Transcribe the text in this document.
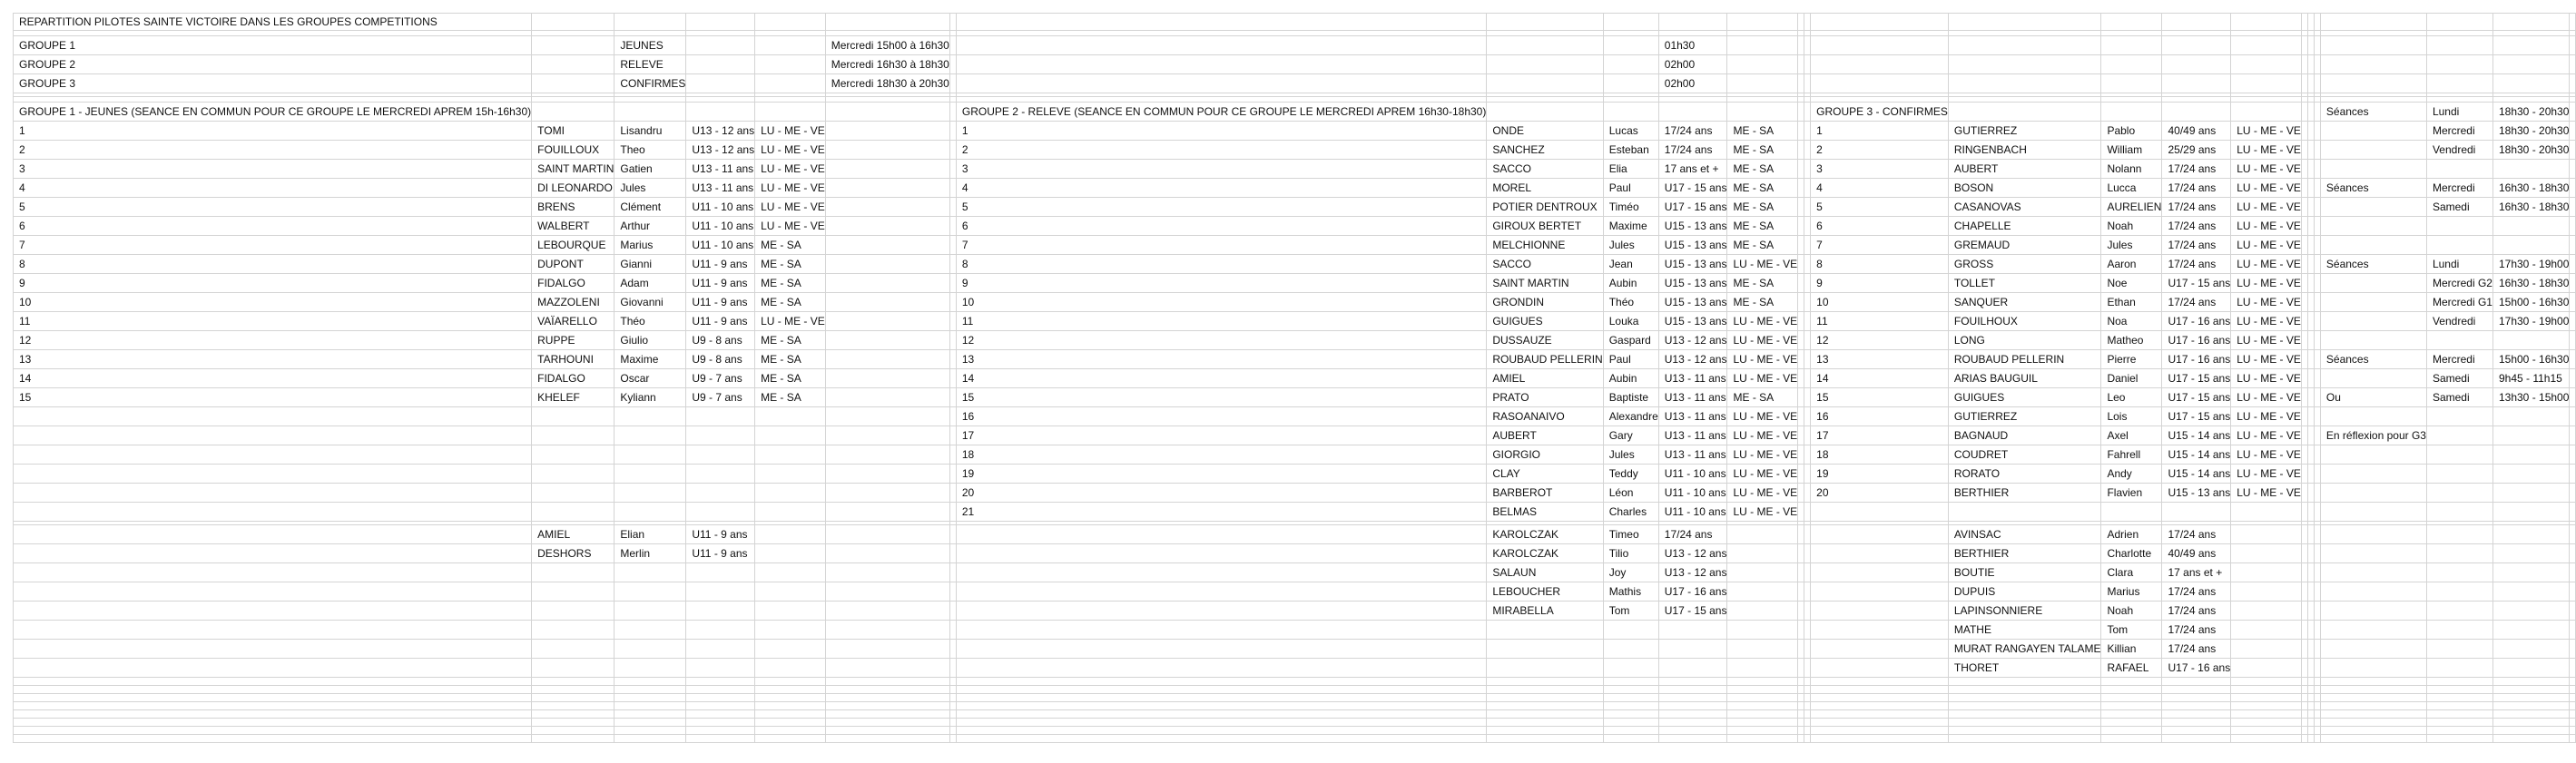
REPARTITION PILOTES SAINTE VICTOIRE DANS LES GROUPES COMPETITIONS																									

GROUPE 1		JEUNES			Mercredi 15h00 à 16h30					01h30															
GROUPE 2		RELEVE			Mercredi 16h30 à 18h30					02h00															
GROUPE 3		CONFIRMES			Mercredi 18h30 à 20h30					02h00															

GROUPE 1 - JEUNES (SEANCE EN COMMUN POUR CE GROUPE LE MERCREDI APREM 15h-16h30)							GROUPE 2 - RELEVE (SEANCE EN COMMUN POUR CE GROUPE LE MERCREDI APREM 16h30-18h30)							GROUPE 3 - CONFIRMES								Séances	Lundi	18h30 - 20h30	
1	TOMI	Lisandru	U13 - 12 ans	LU - ME - VE			1	ONDE	Lucas	17/24 ans	ME - SA			1	GUTIERREZ	Pablo	40/49 ans	LU - ME - VE					Mercredi	18h30 - 20h30	
2	FOUILLOUX	Theo	U13 - 12 ans	LU - ME - VE			2	SANCHEZ	Esteban	17/24 ans	ME - SA			2	RINGENBACH	William	25/29 ans	LU - ME - VE					Vendredi	18h30 - 20h30	
3	SAINT MARTIN	Gatien	U13 - 11 ans	LU - ME - VE			3	SACCO	Elia	17 ans et +	ME - SA			3	AUBERT	Nolann	17/24 ans	LU - ME - VE							
4	DI LEONARDO	Jules	U13 - 11 ans	LU - ME - VE			4	MOREL	Paul	U17 - 15 ans	ME - SA			4	BOSON	Lucca	17/24 ans	LU - ME - VE				Séances	Mercredi	16h30 - 18h30	
5	BRENS	Clément	U11 - 10 ans	LU - ME - VE			5	POTIER DENTROUX	Timéo	U17 - 15 ans	ME - SA			5	CASANOVAS	AURELIEN	17/24 ans	LU - ME - VE					Samedi	16h30 - 18h30	
6	WALBERT	Arthur	U11 - 10 ans	LU - ME - VE			6	GIROUX BERTET	Maxime	U15 - 13 ans	ME - SA			6	CHAPELLE	Noah	17/24 ans	LU - ME - VE							
7	LEBOURQUE	Marius	U11 - 10 ans	ME - SA			7	MELCHIONNE	Jules	U15 - 13 ans	ME - SA			7	GREMAUD	Jules	17/24 ans	LU - ME - VE							
8	DUPONT	Gianni	U11 - 9 ans	ME - SA			8	SACCO	Jean	U15 - 13 ans	LU - ME - VE			8	GROSS	Aaron	17/24 ans	LU - ME - VE				Séances	Lundi	17h30 - 19h00	
9	FIDALGO	Adam	U11 - 9 ans	ME - SA			9	SAINT MARTIN	Aubin	U15 - 13 ans	ME - SA			9	TOLLET	Noe	U17 - 15 ans	LU - ME - VE					Mercredi G2	16h30 - 18h30	
10	MAZZOLENI	Giovanni	U11 - 9 ans	ME - SA			10	GRONDIN	Théo	U15 - 13 ans	ME - SA			10	SANQUER	Ethan	17/24 ans	LU - ME - VE					Mercredi G1	15h00 - 16h30	
11	VAÏARELLO	Théo	U11 - 9 ans	LU - ME - VE			11	GUIGUES	Louka	U15 - 13 ans	LU - ME - VE			11	FOUILHOUX	Noa	U17 - 16 ans	LU - ME - VE					Vendredi	17h30 - 19h00	
12	RUPPE	Giulio	U9 - 8 ans	ME - SA			12	DUSSAUZE	Gaspard	U13 - 12 ans	LU - ME - VE			12	LONG	Matheo	U17 - 16 ans	LU - ME - VE							
13	TARHOUNI	Maxime	U9 - 8 ans	ME - SA			13	ROUBAUD PELLERIN	Paul	U13 - 12 ans	LU - ME - VE			13	ROUBAUD PELLERIN	Pierre	U17 - 16 ans	LU - ME - VE				Séances	Mercredi	15h00 - 16h30	
14	FIDALGO	Oscar	U9 - 7 ans	ME - SA			14	AMIEL	Aubin	U13 - 11 ans	LU - ME - VE			14	ARIAS BAUGUIL	Daniel	U17 - 15 ans	LU - ME - VE					Samedi	9h45 - 11h15	
15	KHELEF	Kyliann	U9 - 7 ans	ME - SA			15	PRATO	Baptiste	U13 - 11 ans	ME - SA			15	GUIGUES	Leo	U17 - 15 ans	LU - ME - VE				Ou	Samedi	13h30 - 15h00	
							16	RASOANAIVO	Alexandre	U13 - 11 ans	LU - ME - VE			16	GUTIERREZ	Lois	U17 - 15 ans	LU - ME - VE							
							17	AUBERT	Gary	U13 - 11 ans	LU - ME - VE			17	BAGNAUD	Axel	U15 - 14 ans	LU - ME - VE				En réflexion pour G3			
							18	GIORGIO	Jules	U13 - 11 ans	LU - ME - VE			18	COUDRET	Fahrell	U15 - 14 ans	LU - ME - VE							
							19	CLAY	Teddy	U11 - 10 ans	LU - ME - VE			19	RORATO	Andy	U15 - 14 ans	LU - ME - VE							
							20	BARBEROT	Léon	U11 - 10 ans	LU - ME - VE			20	BERTHIER	Flavien	U15 - 13 ans	LU - ME - VE							
							21	BELMAS	Charles	U11 - 10 ans	LU - ME - VE														

	AMIEL	Elian	U11 - 9 ans					KAROLCZAK	Timeo	17/24 ans					AVINSAC	Adrien	17/24 ans								
	DESHORS	Merlin	U11 - 9 ans					KAROLCZAK	Tilio	U13 - 12 ans					BERTHIER	Charlotte	40/49 ans								
								SALAUN	Joy	U13 - 12 ans					BOUTIE	Clara	17 ans et +								
								LEBOUCHER	Mathis	U17 - 16 ans					DUPUIS	Marius	17/24 ans								
								MIRABELLA	Tom	U17 - 15 ans					LAPINSONNIERE	Noah	17/24 ans								
															MATHE	Tom	17/24 ans								
															MURAT RANGAYEN TALAME	Killian	17/24 ans								
															THORET	RAFAEL	U17 - 16 ans								
